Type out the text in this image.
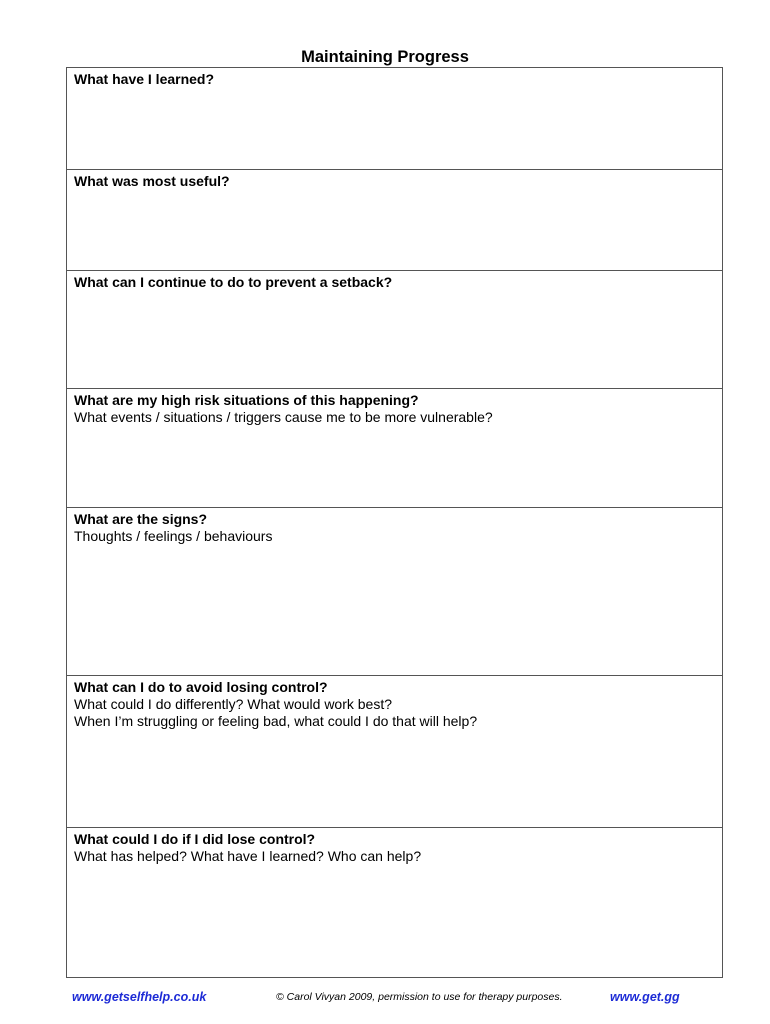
Maintaining Progress
What have I learned?
What was most useful?
What can I continue to do to prevent a setback?
What are my high risk situations of this happening?
What events / situations / triggers cause me to be more vulnerable?
What are the signs?
Thoughts / feelings / behaviours
What can I do to avoid losing control?
What could I do differently? What would work best?
When I’m struggling or feeling bad, what could I do that will help?
What could I do if I did lose control?
What has helped? What have I learned? Who can help?
www.getselfhelp.co.uk	© Carol Vivyan 2009, permission to use for therapy purposes.	www.get.gg
